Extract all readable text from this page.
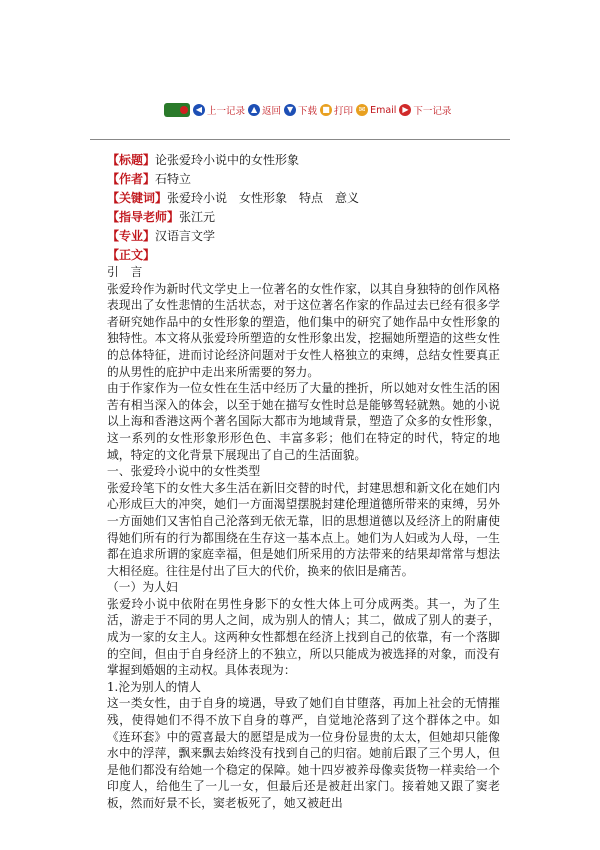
◀ 上一记录 ▲ 返回 ▼ 下载 ■ 打印 ✉ Email ▶ 下一记录
【标题】论张爱玲小说中的女性形象
【作者】石特立
【关键词】张爱玲小说　女性形象　特点　意义
【指导老师】张江元
【专业】汉语言文学
【正文】

引　言

张爱玲作为新时代文学史上一位著名的女性作家，以其自身独特的创作风格表现出了女性悲情的生活状态，对于这位著名作家的作品过去已经有很多学者研究她作品中的女性形象的塑造，他们集中的研究了她作品中女性形象的独特性。本文将从张爱玲所塑造的女性形象出发，挖掘她所塑造的这些女性的总体特征，进而讨论经济问题对于女性人格独立的束缚，总结女性要真正的从男性的庇护中走出来所需要的努力。

由于作家作为一位女性在生活中经历了大量的挫折，所以她对女性生活的困苦有相当深入的体会，以至于她在描写女性时总是能够驾轻就熟。她的小说以上海和香港这两个著名国际大都市为地域背景，塑造了众多的女性形象，这一系列的女性形象形形色色、丰富多彩；他们在特定的时代，特定的地域，特定的文化背景下展现出了自己的生活面貌。

一、张爱玲小说中的女性类型

张爱玲笔下的女性大多生活在新旧交替的时代，封建思想和新文化在她们内心形成巨大的冲突，她们一方面渴望摆脱封建伦理道德所带来的束缚，另外一方面她们又害怕自己沦落到无依无靠，旧的思想道德以及经济上的附庸使得她们所有的行为都围绕在生存这一基本点上。她们为人妇或为人母，一生都在追求所谓的家庭幸福，但是她们所采用的方法带来的结果却常常与想法大相径庭。往往是付出了巨大的代价，换来的依旧是痛苦。

（一）为人妇

张爱玲小说中依附在男性身影下的女性大体上可分成两类。其一，为了生活，游走于不同的男人之间，成为别人的情人；其二，做成了别人的妻子，成为一家的女主人。这两种女性都想在经济上找到自己的依靠，有一个落脚的空间，但由于自身经济上的不独立，所以只能成为被选择的对象，而没有掌握到婚姻的主动权。具体表现为：

1.沦为别人的情人

这一类女性，由于自身的境遇，导致了她们自甘堕落，再加上社会的无情摧残，使得她们不得不放下自身的尊严，自觉地沦落到了这个群体之中。如《连环套》中的霓喜最大的愿望是成为一位身份显贵的太太，但她却只能像水中的浮萍，飘来飘去始终没有找到自己的归宿。她前后跟了三个男人，但是他们都没有给她一个稳定的保障。她十四岁被养母像卖货物一样卖给一个印度人，给他生了一儿一女，但最后还是被赶出家门。接着她又跟了窦老板，然而好景不长，窦老板死了，她又被赶出
